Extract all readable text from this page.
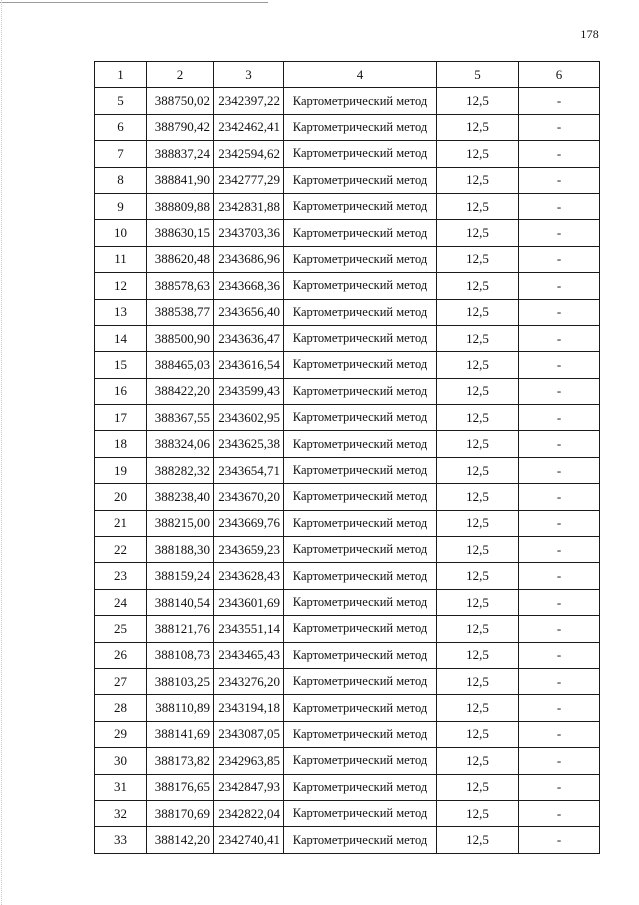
178
1	2	3	4	5	6
5	388750,02	2342397,22	Картометрический метод	12,5	-
6	388790,42	2342462,41	Картометрический метод	12,5	-
7	388837,24	2342594,62	Картометрический метод	12,5	-
8	388841,90	2342777,29	Картометрический метод	12,5	-
9	388809,88	2342831,88	Картометрический метод	12,5	-
10	388630,15	2343703,36	Картометрический метод	12,5	-
11	388620,48	2343686,96	Картометрический метод	12,5	-
12	388578,63	2343668,36	Картометрический метод	12,5	-
13	388538,77	2343656,40	Картометрический метод	12,5	-
14	388500,90	2343636,47	Картометрический метод	12,5	-
15	388465,03	2343616,54	Картометрический метод	12,5	-
16	388422,20	2343599,43	Картометрический метод	12,5	-
17	388367,55	2343602,95	Картометрический метод	12,5	-
18	388324,06	2343625,38	Картометрический метод	12,5	-
19	388282,32	2343654,71	Картометрический метод	12,5	-
20	388238,40	2343670,20	Картометрический метод	12,5	-
21	388215,00	2343669,76	Картометрический метод	12,5	-
22	388188,30	2343659,23	Картометрический метод	12,5	-
23	388159,24	2343628,43	Картометрический метод	12,5	-
24	388140,54	2343601,69	Картометрический метод	12,5	-
25	388121,76	2343551,14	Картометрический метод	12,5	-
26	388108,73	2343465,43	Картометрический метод	12,5	-
27	388103,25	2343276,20	Картометрический метод	12,5	-
28	388110,89	2343194,18	Картометрический метод	12,5	-
29	388141,69	2343087,05	Картометрический метод	12,5	-
30	388173,82	2342963,85	Картометрический метод	12,5	-
31	388176,65	2342847,93	Картометрический метод	12,5	-
32	388170,69	2342822,04	Картометрический метод	12,5	-
33	388142,20	2342740,41	Картометрический метод	12,5	-
